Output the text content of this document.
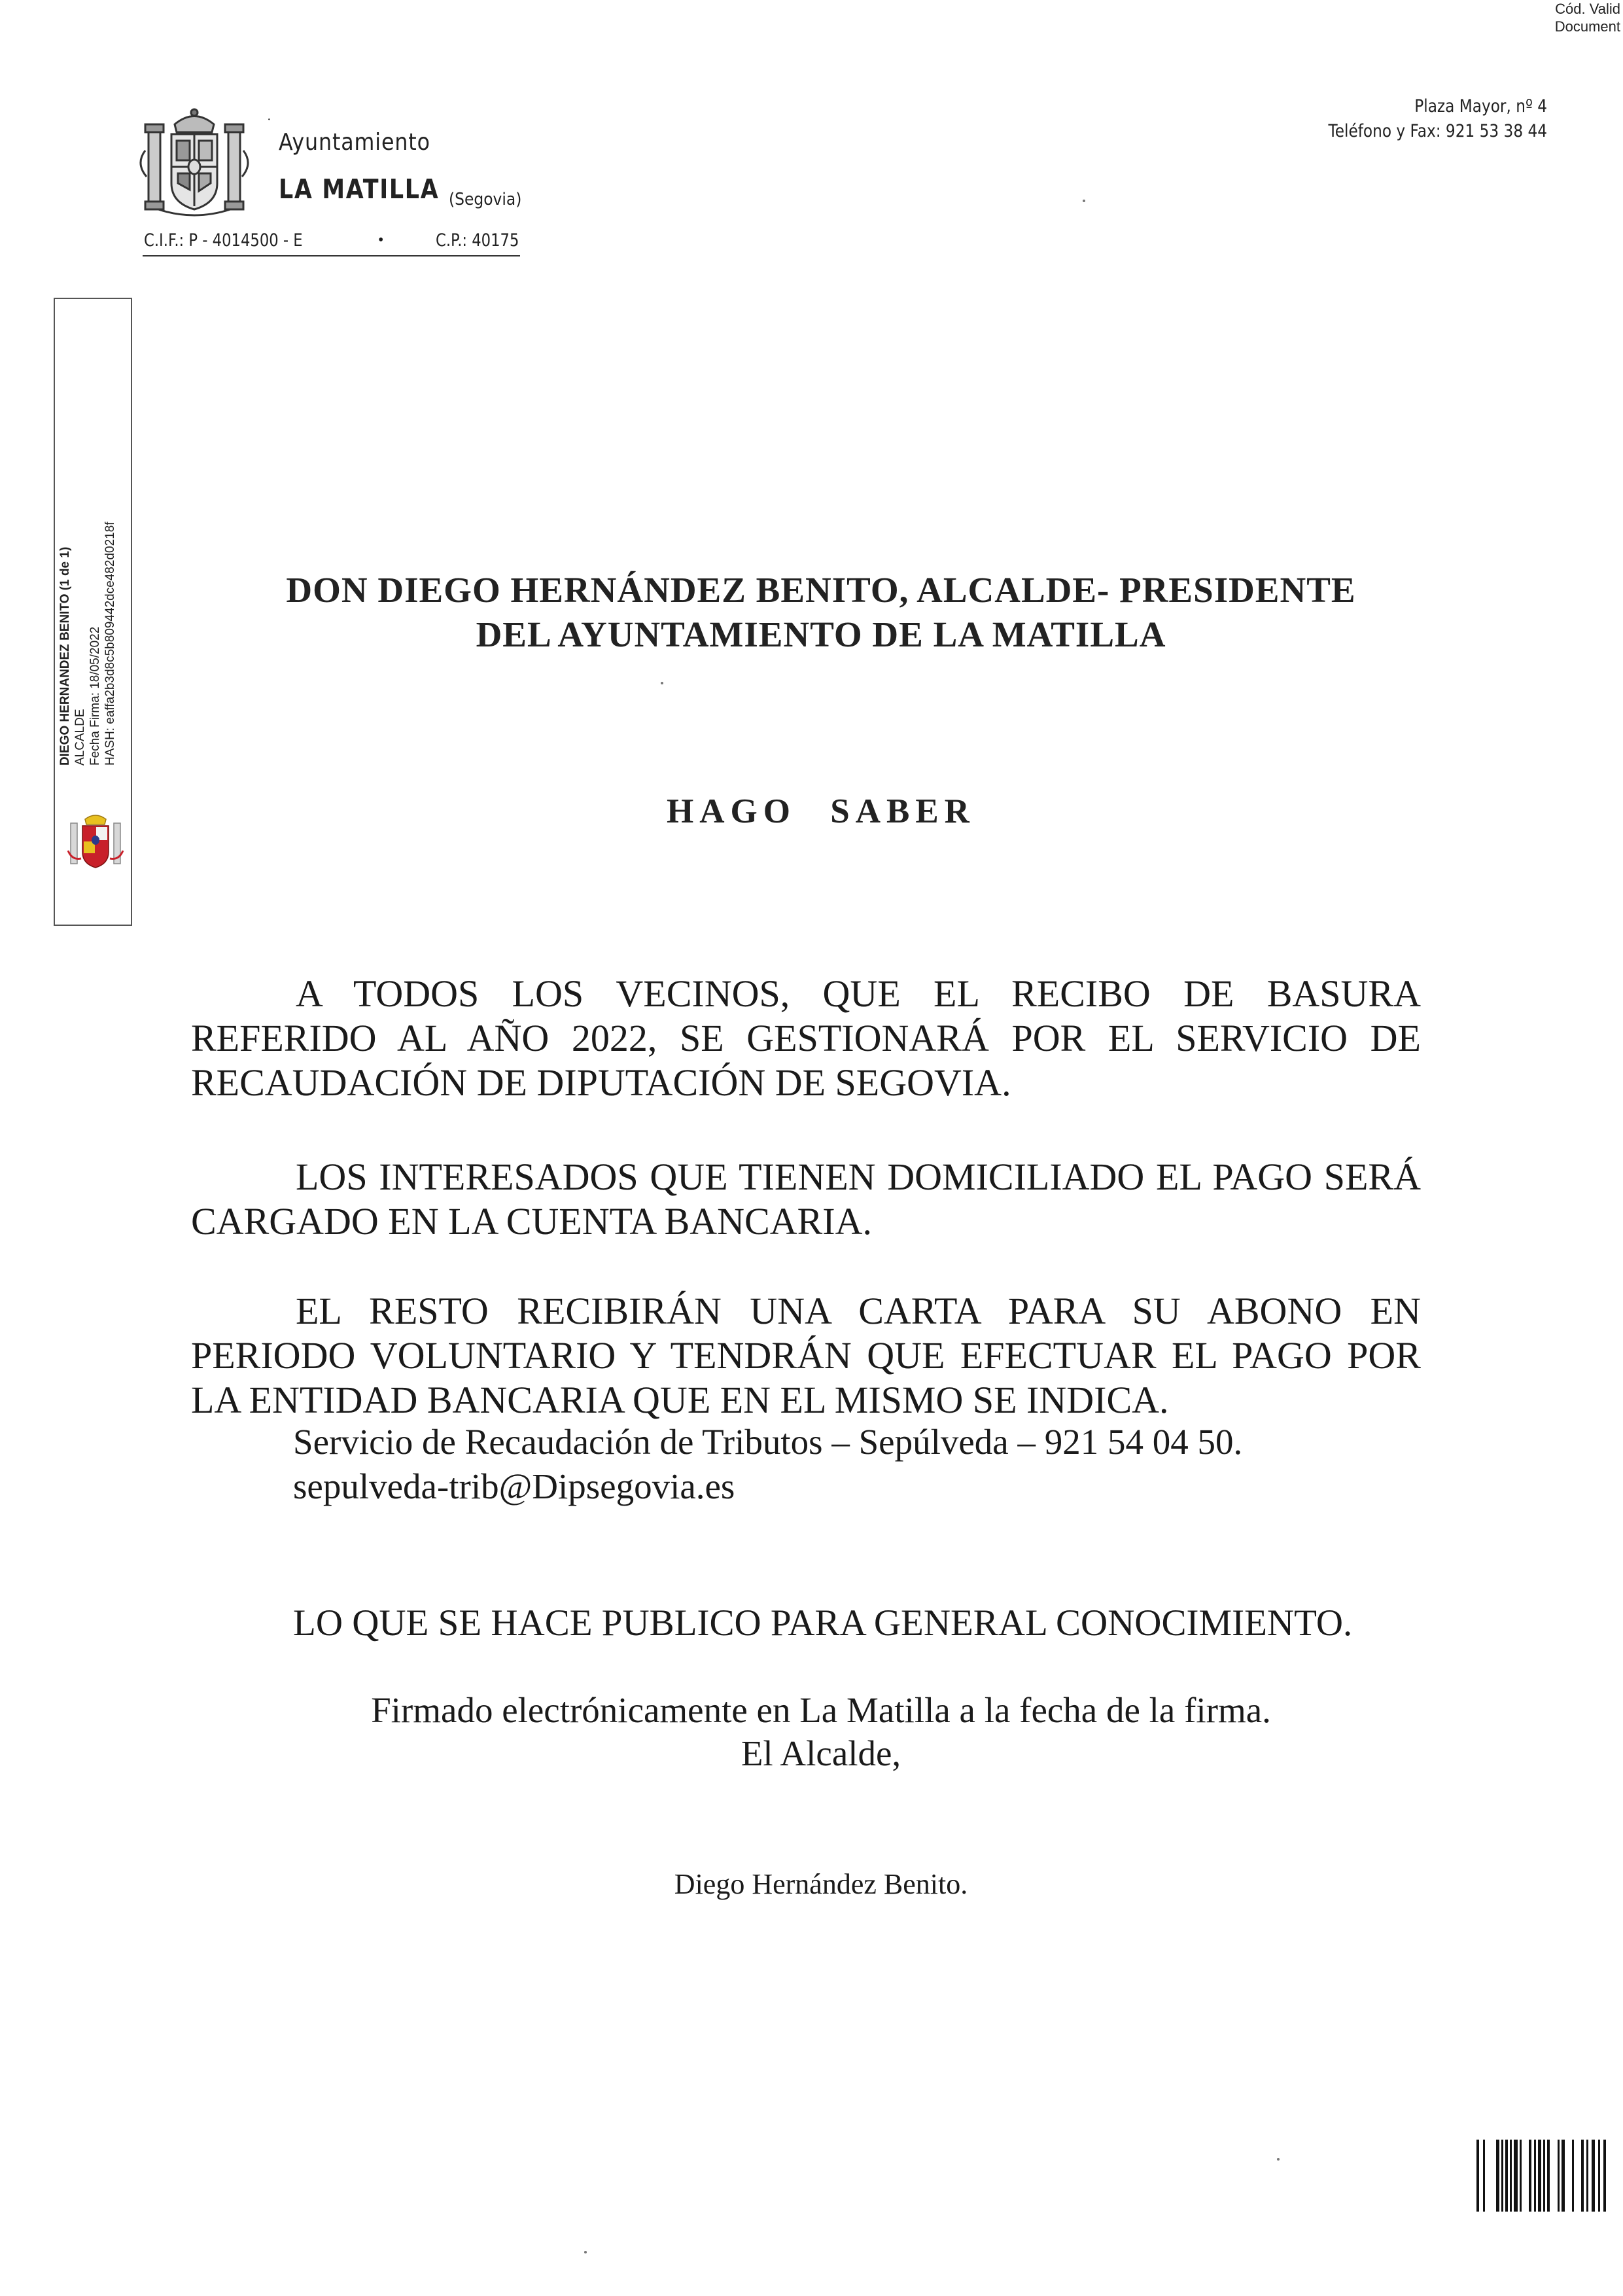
Cód. Valid
Document
·
Ayuntamiento
LA MATILLA (Segovia)
C.I.F.: P - 4014500 - E	•	C.P.: 40175
Plaza Mayor, nº 4
Teléfono y Fax: 921 53 38 44
DIEGO HERNANDEZ BENITO (1 de 1) ALCALDE Fecha Firma: 18/05/2022 HASH: eaffa2b3d8c5b809442dce482d0218f	DON DIEGO HERNÁNDEZ BENITO, ALCALDE- PRESIDENTE
DEL AYUNTAMIENTO DE LA MATILLA
HAGO SABER
A TODOS LOS VECINOS, QUE EL RECIBO DE BASURA REFERIDO AL AÑO 2022, SE GESTIONARÁ POR EL SERVICIO DE RECAUDACIÓN DE DIPUTACIÓN DE SEGOVIA.
LOS INTERESADOS QUE TIENEN DOMICILIADO EL PAGO SERÁ CARGADO EN LA CUENTA BANCARIA.
EL RESTO RECIBIRÁN UNA CARTA PARA SU ABONO EN PERIODO VOLUNTARIO Y TENDRÁN QUE EFECTUAR EL PAGO POR LA ENTIDAD BANCARIA QUE EN EL MISMO SE INDICA.
Servicio de Recaudación de Tributos – Sepúlveda – 921 54 04 50.
sepulveda-trib@Dipsegovia.es
LO QUE SE HACE PUBLICO PARA GENERAL CONOCIMIENTO.
Firmado electrónicamente en La Matilla a la fecha de la firma.
El Alcalde,
Diego Hernández Benito.
